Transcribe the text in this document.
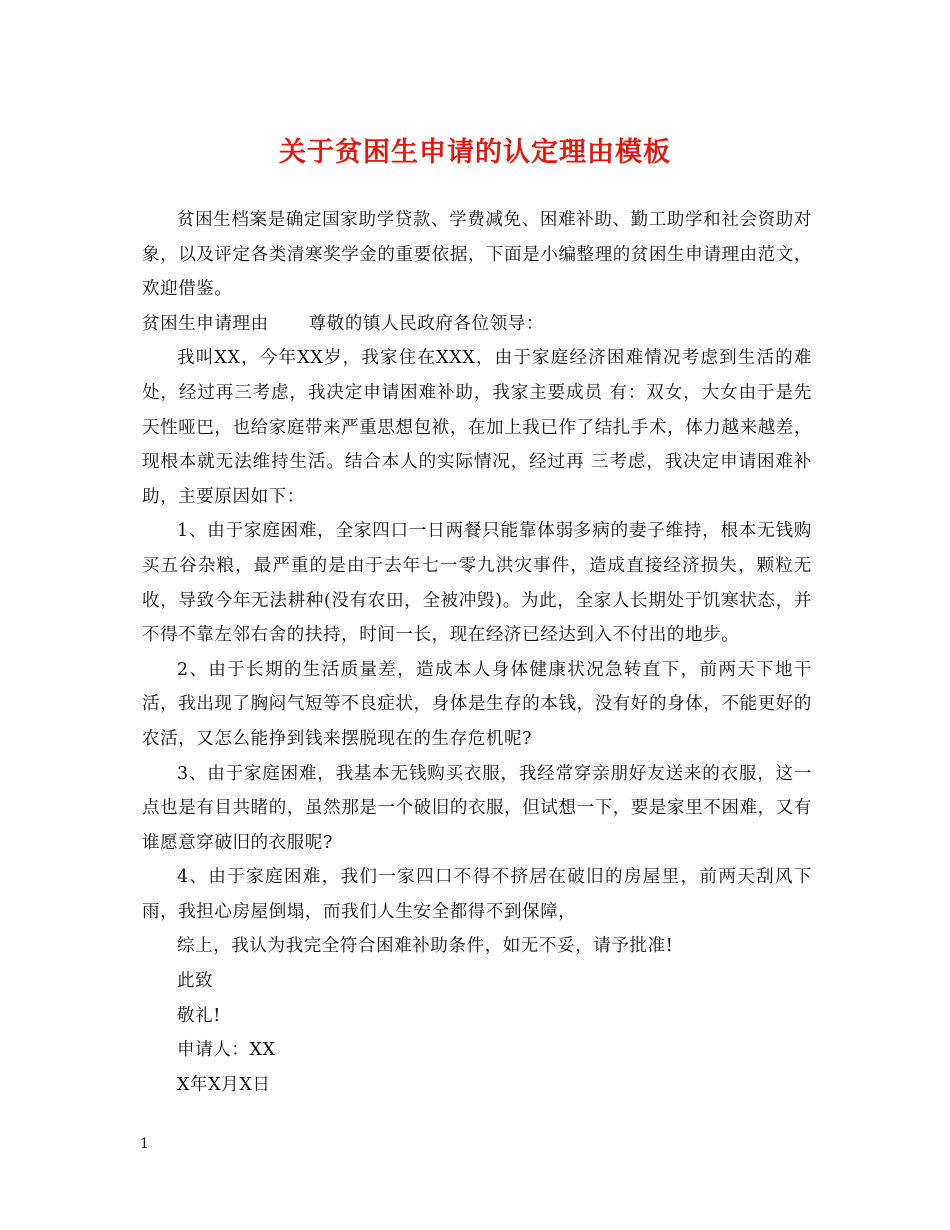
关于贫困生申请的认定理由模板

贫困生档案是确定国家助学贷款、学费减免、困难补助、勤工助学和社会资助对象，以及评定各类清寒奖学金的重要依据，下面是小编整理的贫困生申请理由范文，欢迎借鉴。

贫困生申请理由 尊敬的镇人民政府各位领导：

我叫XX，今年XX岁，我家住在XXX，由于家庭经济困难情况考虑到生活的难处，经过再三考虑，我决定申请困难补助，我家主要成员 有：双女，大女由于是先天性哑巴，也给家庭带来严重思想包袱，在加上我已作了结扎手术，体力越来越差，现根本就无法维持生活。结合本人的实际情况，经过再 三考虑，我决定申请困难补助，主要原因如下：

1、由于家庭困难，全家四口一日两餐只能靠体弱多病的妻子维持，根本无钱购买五谷杂粮，最严重的是由于去年七一零九洪灾事件，造成直接经济损失，颗粒无收，导致今年无法耕种(没有农田，全被冲毁)。为此，全家人长期处于饥寒状态，并不得不靠左邻右舍的扶持，时间一长，现在经济已经达到入不付出的地步。

2、由于长期的生活质量差，造成本人身体健康状况急转直下，前两天下地干活，我出现了胸闷气短等不良症状，身体是生存的本钱，没有好的身体，不能更好的农活，又怎么能挣到钱来摆脱现在的生存危机呢?

3、由于家庭困难，我基本无钱购买衣服，我经常穿亲朋好友送来的衣服，这一点也是有目共睹的，虽然那是一个破旧的衣服，但试想一下，要是家里不困难，又有谁愿意穿破旧的衣服呢?

4、由于家庭困难，我们一家四口不得不挤居在破旧的房屋里，前两天刮风下雨，我担心房屋倒塌，而我们人生安全都得不到保障，

综上，我认为我完全符合困难补助条件，如无不妥，请予批准!

此致

敬礼!

申请人：XX

X年X月X日

1
